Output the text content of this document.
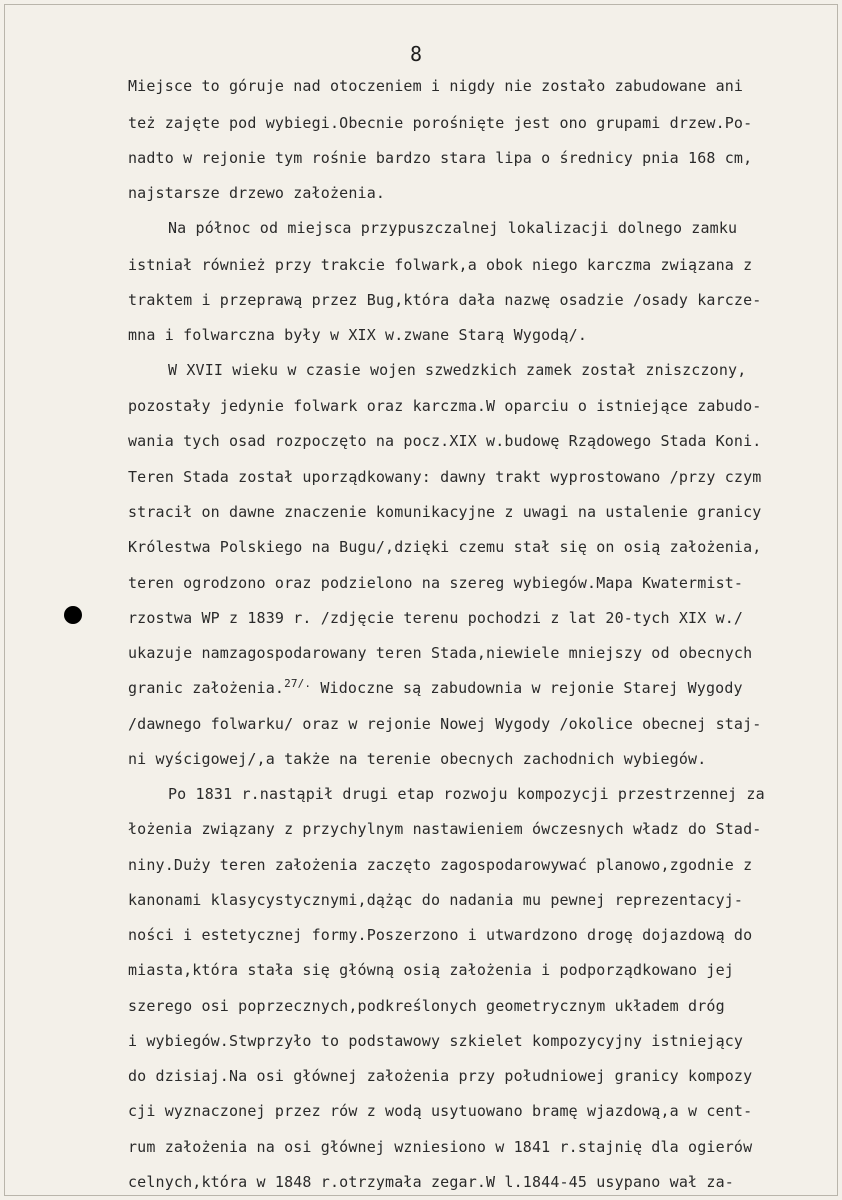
8
Miejsce to góruje nad otoczeniem i nigdy nie zostało zabudowane ani
też zajęte pod wybiegi.Obecnie porośnięte jest ono grupami drzew.Po-
nadto w rejonie tym rośnie bardzo stara lipa o średnicy pnia 168 cm,
najstarsze drzewo założenia.
Na północ od miejsca przypuszczalnej lokalizacji dolnego zamku
istniał również przy trakcie folwark,a obok niego karczma związana z
traktem i przeprawą przez Bug,która dała nazwę osadzie /osady karcze-
mna i folwarczna były w XIX w.zwane Starą Wygodą/.
W XVII wieku w czasie wojen szwedzkich zamek został zniszczony,
pozostały jedynie folwark oraz karczma.W oparciu o istniejące zabudo-
wania tych osad rozpoczęto na pocz.XIX w.budowę Rządowego Stada Koni.
Teren Stada został uporządkowany: dawny trakt wyprostowano /przy czym
stracił on dawne znaczenie komunikacyjne z uwagi na ustalenie granicy
Królestwa Polskiego na Bugu/,dzięki czemu stał się on osią założenia,
teren ogrodzono oraz podzielono na szereg wybiegów.Mapa Kwatermist-
rzostwa WP z 1839 r. /zdjęcie terenu pochodzi z lat 20-tych XIX w./
ukazuje namzagospodarowany teren Stada,niewiele mniejszy od obecnych
granic założenia.$^{27/.}$ Widoczne są zabudownia w rejonie Starej Wygody
/dawnego folwarku/ oraz w rejonie Nowej Wygody /okolice obecnej staj-
ni wyścigowej/,a także na terenie obecnych zachodnich wybiegów.
Po 1831 r.nastąpił drugi etap rozwoju kompozycji przestrzennej za
łożenia związany z przychylnym nastawieniem ówczesnych władz do Stad-
niny.Duży teren założenia zaczęto zagospodarowywać planowo,zgodnie z
kanonami klasycystycznymi,dążąc do nadania mu pewnej reprezentacyj-
ności i estetycznej formy.Poszerzono i utwardzono drogę dojazdową do
miasta,która stała się główną osią założenia i podporządkowano jej
szerego osi poprzecznych,podkreślonych geometrycznym układem dróg
i wybiegów.Stwprzyło to podstawowy szkielet kompozycyjny istniejący
do dzisiaj.Na osi głównej założenia przy południowej granicy kompozy
cji wyznaczonej przez rów z wodą usytuowano bramę wjazdową,a w cent-
rum założenia na osi głównej wzniesiono w 1841 r.stajnię dla ogierów
celnych,która w 1848 r.otrzymała zegar.W l.1844-45 usypano wał za-
